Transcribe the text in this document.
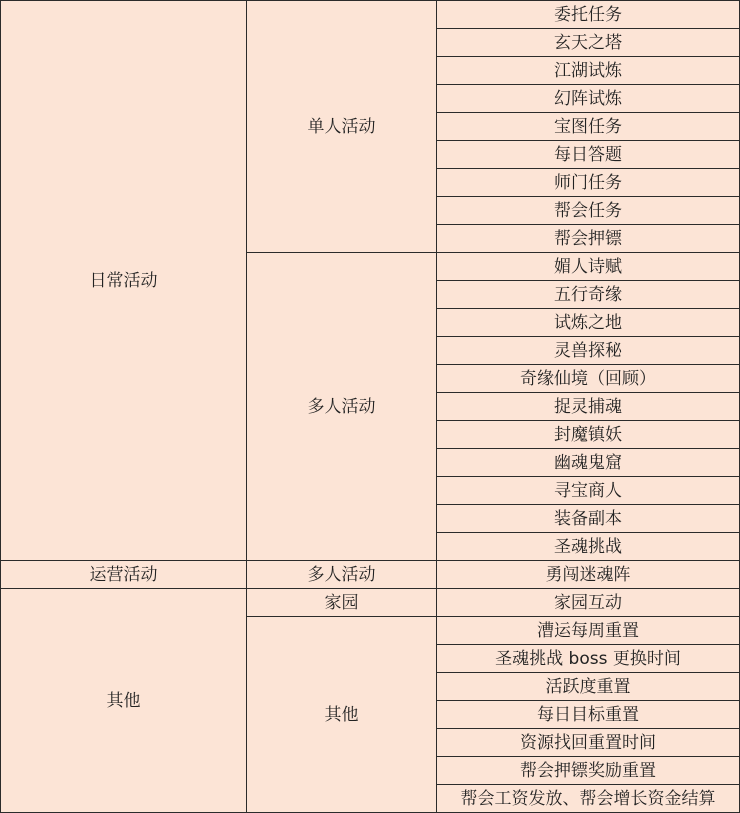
日常活动	单人活动	委托任务
		玄天之塔
		江湖试炼
		幻阵试炼
		宝图任务
		每日答题
		师门任务
		帮会任务
		帮会押镖
	多人活动	媚人诗赋
		五行奇缘
		试炼之地
		灵兽探秘
		奇缘仙境（回顾）
		捉灵捕魂
		封魔镇妖
		幽魂鬼窟
		寻宝商人
		装备副本
		圣魂挑战
运营活动	多人活动	勇闯迷魂阵
其他	家园	家园互动
	其他	漕运每周重置
		圣魂挑战 boss 更换时间
		活跃度重置
		每日目标重置
		资源找回重置时间
		帮会押镖奖励重置
		帮会工资发放、帮会增长资金结算
